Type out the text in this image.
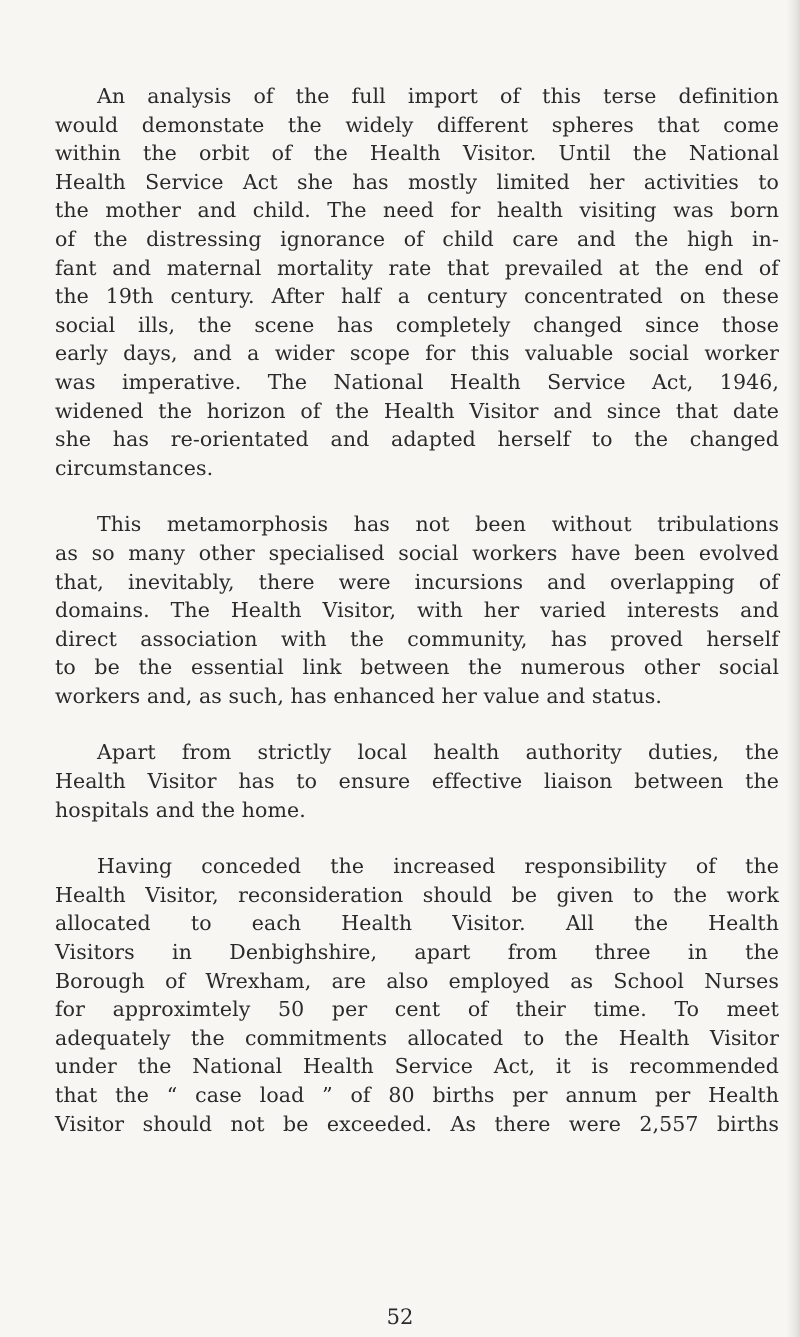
An analysis of the full import of this terse definition
would demonstate the widely different spheres that come
within the orbit of the Health Visitor. Until the National
Health Service Act she has mostly limited her activities to
the mother and child. The need for health visiting was born
of the distressing ignorance of child care and the high in-
fant and maternal mortality rate that prevailed at the end of
the 19th century. After half a century concentrated on these
social ills, the scene has completely changed since those
early days, and a wider scope for this valuable social worker
was imperative. The National Health Service Act, 1946,
widened the horizon of the Health Visitor and since that date
she has re-orientated and adapted herself to the changed
circumstances.
This metamorphosis has not been without tribulations
as so many other specialised social workers have been evolved
that, inevitably, there were incursions and overlapping of
domains. The Health Visitor, with her varied interests and
direct association with the community, has proved herself
to be the essential link between the numerous other social
workers and, as such, has enhanced her value and status.
Apart from strictly local health authority duties, the
Health Visitor has to ensure effective liaison between the
hospitals and the home.
Having conceded the increased responsibility of the
Health Visitor, reconsideration should be given to the work
allocated to each Health Visitor. All the Health
Visitors in Denbighshire, apart from three in the
Borough of Wrexham, are also employed as School Nurses
for approximtely 50 per cent of their time. To meet
adequately the commitments allocated to the Health Visitor
under the National Health Service Act, it is recommended
that the “ case load ” of 80 births per annum per Health
Visitor should not be exceeded. As there were 2,557 births
52
